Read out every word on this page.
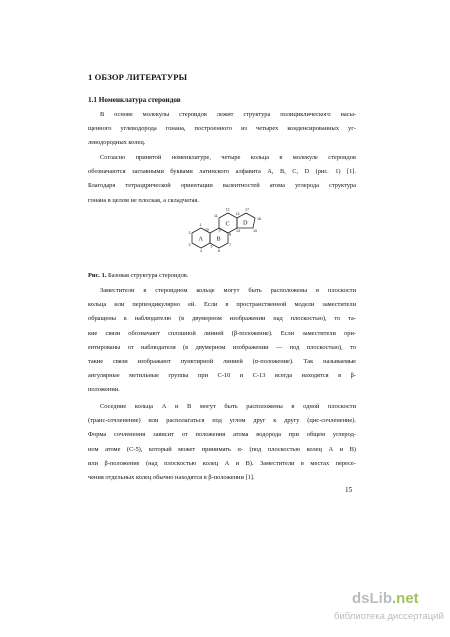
1 ОБЗОР ЛИТЕРАТУРЫ
1.1 Номенклатура стероидов
В основе молекулы стероидов лежит структура полициклического насы-
щенного углеводорода гонана, построенного из четырех конденсированных уг-
леводородных колец.
Согласно принятой номенклатуре, четыре кольца в молекуле стероидов
обозначаются заглавными буквами латинского алфавита A, B, C, D (рис. 1) [1].
Благодаря тетраэдрической ориентации валентностей атома углерода структура
гонана в целом не плоская, а складчатая.
A B
C D
1
2
3
4
5
6
7
8
9
10
11
12
13
14	15
16
17
Рис. 1. Базовая структура стероидов.
Заместители в стероидном кольце могут быть расположены в плоскости
кольца или перпендикулярно ей. Если в пространственной модели заместители
обращены к наблюдателю (в двумерном изображении над плоскостью), то та-
кие связи обозначают сплошной линией (β-положение). Если заместители ори-
ентированы от наблюдателя (в двумерном изображении — под плоскостью), то
такие связи изображают пунктирной линией (α-положение). Так называемые
ангулярные метильные группы при С-10 и С-13 всегда находятся в β-
положении.
Соседние кольца А и В могут быть расположены в одной плоскости
(транс-сочленение) или располагаться под углом друг к другу (цис-сочленение).
Форма сочленения зависит от положения атома водорода при общем углерод-
ном атоме (С-5), который может принимать α- (под плоскостью колец А и В)
или β-положение (над плоскостью колец А и В). Заместители в местах пересе-
чения отдельных колец обычно находятся в β-положении [1].
15
dsLib.net
библиотека диссертаций
